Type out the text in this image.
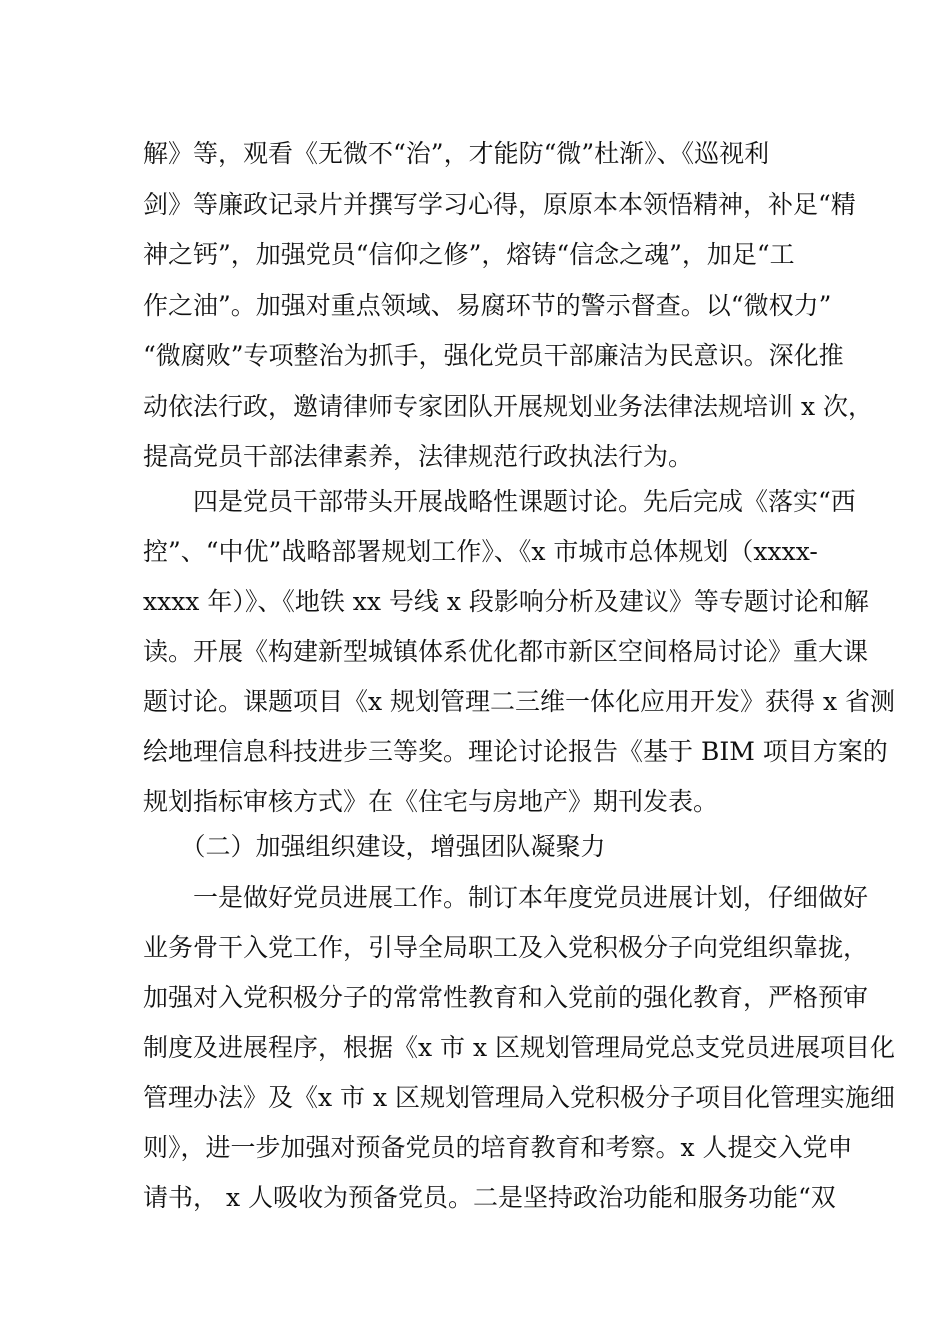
解》等，观看《无微不“治”，才能防“微”杜渐》、《巡视利
剑》等廉政记录片并撰写学习心得，原原本本领悟精神，补足“精
神之钙”，加强党员“信仰之修”，熔铸“信念之魂”，加足“工
作之油”。加强对重点领域、易腐环节的警示督查。以“微权力”
“微腐败”专项整治为抓手，强化党员干部廉洁为民意识。深化推
动依法行政，邀请律师专家团队开展规划业务法律法规培训 x 次，
提高党员干部法律素养，法律规范行政执法行为。
　　四是党员干部带头开展战略性课题讨论。先后完成《落实“西
控”、“中优”战略部署规划工作》、《x 市城市总体规划（xxxx-
xxxx 年）》、《地铁 xx 号线 x 段影响分析及建议》等专题讨论和解
读。开展《构建新型城镇体系优化都市新区空间格局讨论》重大课
题讨论。课题项目《x 规划管理二三维一体化应用开发》获得 x 省测
绘地理信息科技进步三等奖。理论讨论报告《基于 BIM 项目方案的
规划指标审核方式》在《住宅与房地产》期刊发表。
　　（二）加强组织建设，增强团队凝聚力
　　一是做好党员进展工作。制订本年度党员进展计划，仔细做好
业务骨干入党工作，引导全局职工及入党积极分子向党组织靠拢，
加强对入党积极分子的常常性教育和入党前的强化教育，严格预审
制度及进展程序，根据《x 市 x 区规划管理局党总支党员进展项目化
管理办法》及《x 市 x 区规划管理局入党积极分子项目化管理实施细
则》，进一步加强对预备党员的培育教育和考察。x 人提交入党申
请书， x 人吸收为预备党员。二是坚持政治功能和服务功能“双
